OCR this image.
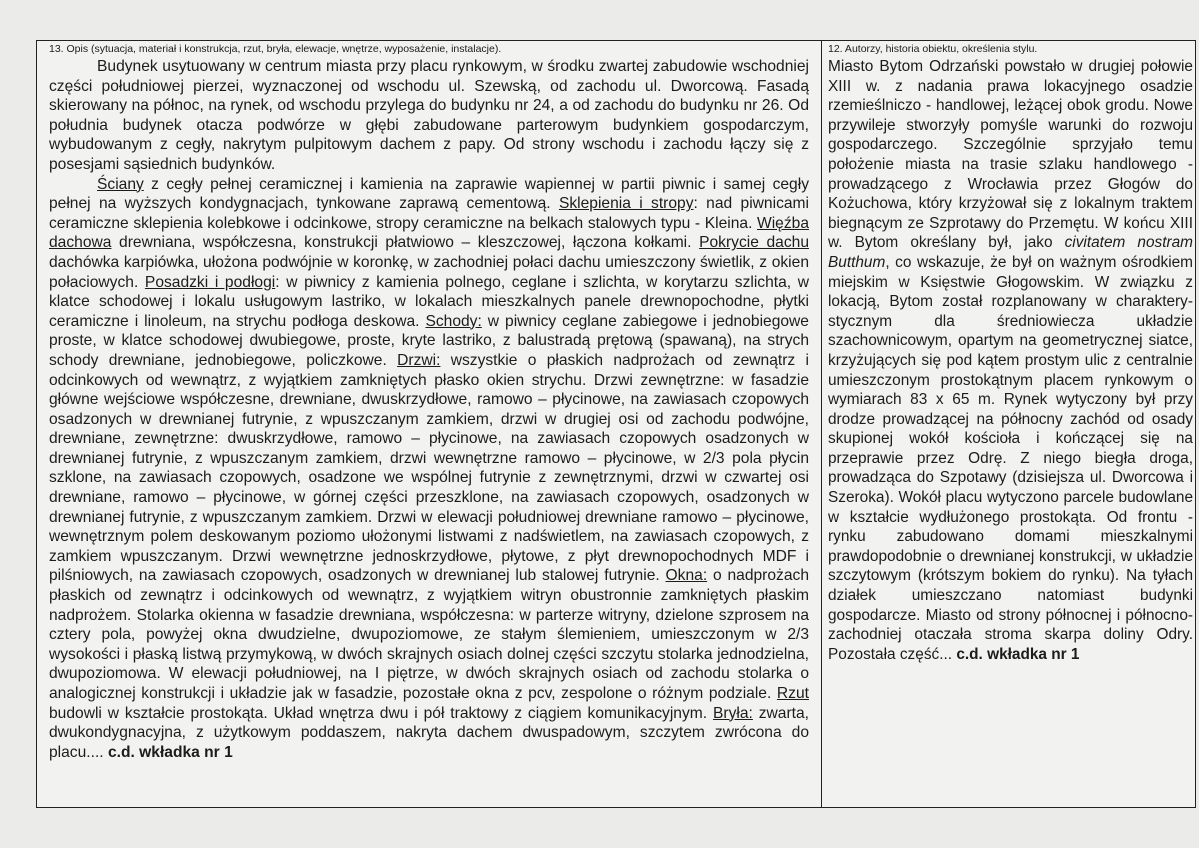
13. Opis (sytuacja, materiał i konstrukcja, rzut, bryła, elewacje, wnętrze, wyposażenie, instalacje).

Budynek usytuowany w centrum miasta przy placu rynkowym, w środku zwartej zabudowie wschodniej części południowej pierzei, wyznaczonej od wschodu ul. Szewską, od zachodu ul. Dworcową. Fasadą skierowany na północ, na rynek, od wschodu przylega do budynku nr 24, a od zachodu do budynku nr 26. Od południa budynek otacza podwórze w głębi zabudowane parterowym budynkiem gospodarczym, wybudowanym z cegły, nakrytym pulpitowym dachem z papy. Od strony wschodu i zachodu łączy się z posesjami sąsiednich budynków.
Ściany z cegły pełnej ceramicznej i kamienia na zaprawie wapiennej w partii piwnic i samej cegły pełnej na wyższych kondygnacjach, tynkowane zaprawą cementową. Sklepienia i stropy: nad piwnicami ceramiczne sklepienia kolebkowe i odcinkowe, stropy ceramiczne na belkach stalowych typu - Kleina. Więźba dachowa drewniana, współczesna, konstrukcji płatwiowo – kleszczowej, łączona kołkami. Pokrycie dachu dachówka karpiówka, ułożona podwójnie w koronkę, w zachodniej połaci dachu umieszczony świetlik, z okien połaciowych. Posadzki i podłogi: w piwnicy z kamienia polnego, ceglane i szlichta, w korytarzu szlichta, w klatce schodowej i lokalu usługowym lastriko, w lokalach mieszkalnych panele drewnopochodne, płytki ceramiczne i linoleum, na strychu podłoga deskowa. Schody: w piwnicy ceglane zabiegowe i jednobiegowe proste, w klatce schodowej dwubiegowe, proste, kryte lastriko, z balustradą prętową (spawaną), na strych schody drewniane, jednobiegowe, policzkowe. Drzwi: wszystkie o płaskich nadprożach od zewnątrz i odcinkowych od wewnątrz, z wyjątkiem zamkniętych płasko okien strychu. Drzwi zewnętrzne: w fasadzie główne wejściowe współczesne, drewniane, dwuskrzydłowe, ramowo – płycinowe, na zawiasach czopowych osadzonych w drewnianej futrynie, z wpuszczanym zamkiem, drzwi w drugiej osi od zachodu podwójne, drewniane, zewnętrzne: dwuskrzydłowe, ramowo – płycinowe, na zawiasach czopowych osadzonych w drewnianej futrynie, z wpuszczanym zamkiem, drzwi wewnętrzne ramowo – płycinowe, w 2/3 pola płycin szklone, na zawiasach czopowych, osadzone we wspólnej futrynie z zewnętrznymi, drzwi w czwartej osi drewniane, ramowo – płycinowe, w górnej części przeszklone, na zawiasach czopowych, osadzonych w drewnianej futrynie, z wpuszczanym zamkiem. Drzwi w elewacji południowej drewniane ramowo – płycinowe, wewnętrznym polem deskowanym poziomo ułożonymi listwami z nadświetlem, na zawiasach czopowych, z zamkiem wpuszczanym. Drzwi wewnętrzne jednoskrzydłowe, płytowe, z płyt drewnopochodnych MDF i pilśniowych, na zawiasach czopowych, osadzonych w drewnianej lub stalowej futrynie. Okna: o nadprożach płaskich od zewnątrz i odcinkowych od wewnątrz, z wyjątkiem witryn obustronnie zamkniętych płaskim nadprożem. Stolarka okienna w fasadzie drewniana, współczesna: w parterze witryny, dzielone szprosem na cztery pola, powyżej okna dwudzielne, dwupoziomowe, ze stałym ślemieniem, umieszczonym w 2/3 wysokości i płaską listwą przymykową, w dwóch skrajnych osiach dolnej części szczytu stolarka jednodzielna, dwupoziomowa. W elewacji południowej, na I piętrze, w dwóch skrajnych osiach od zachodu stolarka o analogicznej konstrukcji i układzie jak w fasadzie, pozostałe okna z pcv, zespolone o różnym podziale. Rzut budowli w kształcie prostokąta. Układ wnętrza dwu i pół traktowy z ciągiem komunikacyjnym. Bryła: zwarta, dwukondygnacyjna, z użytkowym poddaszem, nakryta dachem dwuspadowym, szczytem zwrócona do placu.... c.d. wkładka nr 1

12. Autorzy, historia obiektu, określenia stylu.

Miasto Bytom Odrzański powstało w drugiej połowie XIII w. z nadania prawa lokacyjnego osadzie rzemieślniczo - handlowej, leżącej obok grodu. Nowe przywileje stworzyły pomyśle warunki do rozwoju gospodarczego. Szczególnie sprzyjało temu położenie miasta na trasie szlaku handlowego - prowadzącego z Wrocławia przez Głogów do Kożuchowa, który krzyżował się z lokalnym traktem biegnącym ze Szprotawy do Przemętu. W końcu XIII w. Bytom określany był, jako civitatem nostram Butthum, co wskazuje, że był on ważnym ośrodkiem miejskim w Księstwie Głogowskim. W związku z lokacją, Bytom został rozplanowany w charaktery-stycznym dla średniowiecza układzie szachownicowym, opartym na geometrycznej siatce, krzyżujących się pod kątem prostym ulic z centralnie umieszczonym prostokątnym placem rynkowym o wymiarach 83 x 65 m. Rynek wytyczony był przy drodze prowadzącej na północny zachód od osady skupionej wokół kościoła i kończącej się na przeprawie przez Odrę. Z niego biegła droga, prowadząca do Szpotawy (dzisiejsza ul. Dworcowa i Szeroka). Wokół placu wytyczono parcele budowlane w kształcie wydłużonego prostokąta. Od frontu - rynku zabudowano domami mieszkalnymi prawdopodobnie o drewnianej konstrukcji, w układzie szczytowym (krótszym bokiem do rynku). Na tyłach działek umieszczano natomiast budynki gospodarcze. Miasto od strony północnej i północno-zachodniej otaczała stroma skarpa doliny Odry. Pozostała część... c.d. wkładka nr 1
